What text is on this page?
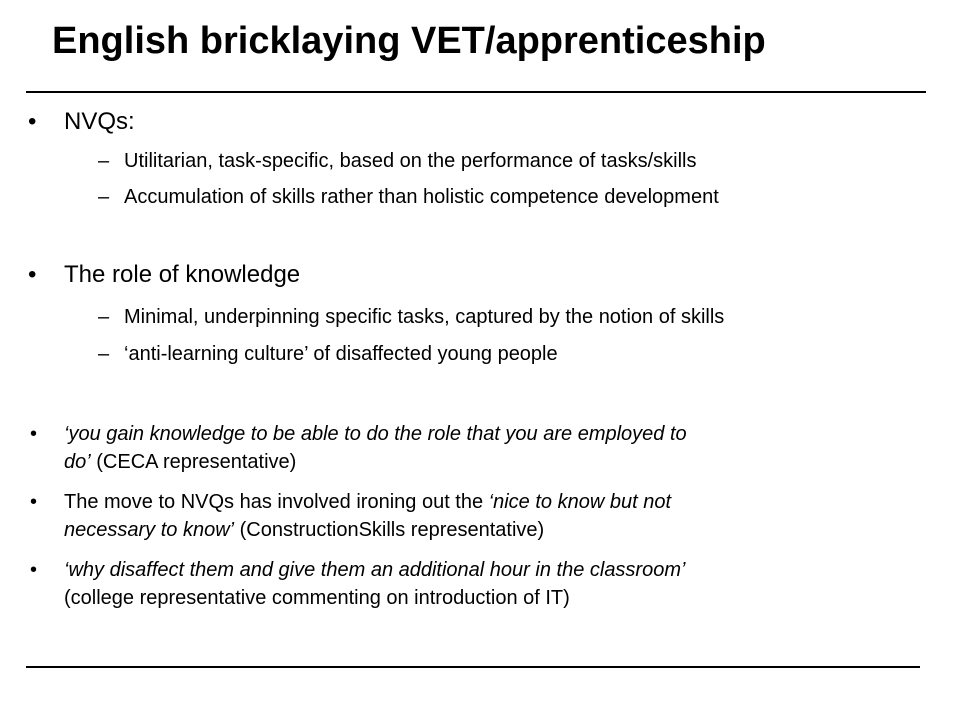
English bricklaying VET/apprenticeship
• NVQs:
– Utilitarian, task-specific, based on the performance of tasks/skills
– Accumulation of skills rather than holistic competence development
• The role of knowledge
– Minimal, underpinning specific tasks, captured by the notion of skills
– ‘anti-learning culture’ of disaffected young people
• ‘you gain knowledge to be able to do the role that you are employed to
do’ (CECA representative)
• The move to NVQs has involved ironing out the ‘nice to know but not
necessary to know’ (ConstructionSkills representative)
• ‘why disaffect them and give them an additional hour in the classroom’
(college representative commenting on introduction of IT)
